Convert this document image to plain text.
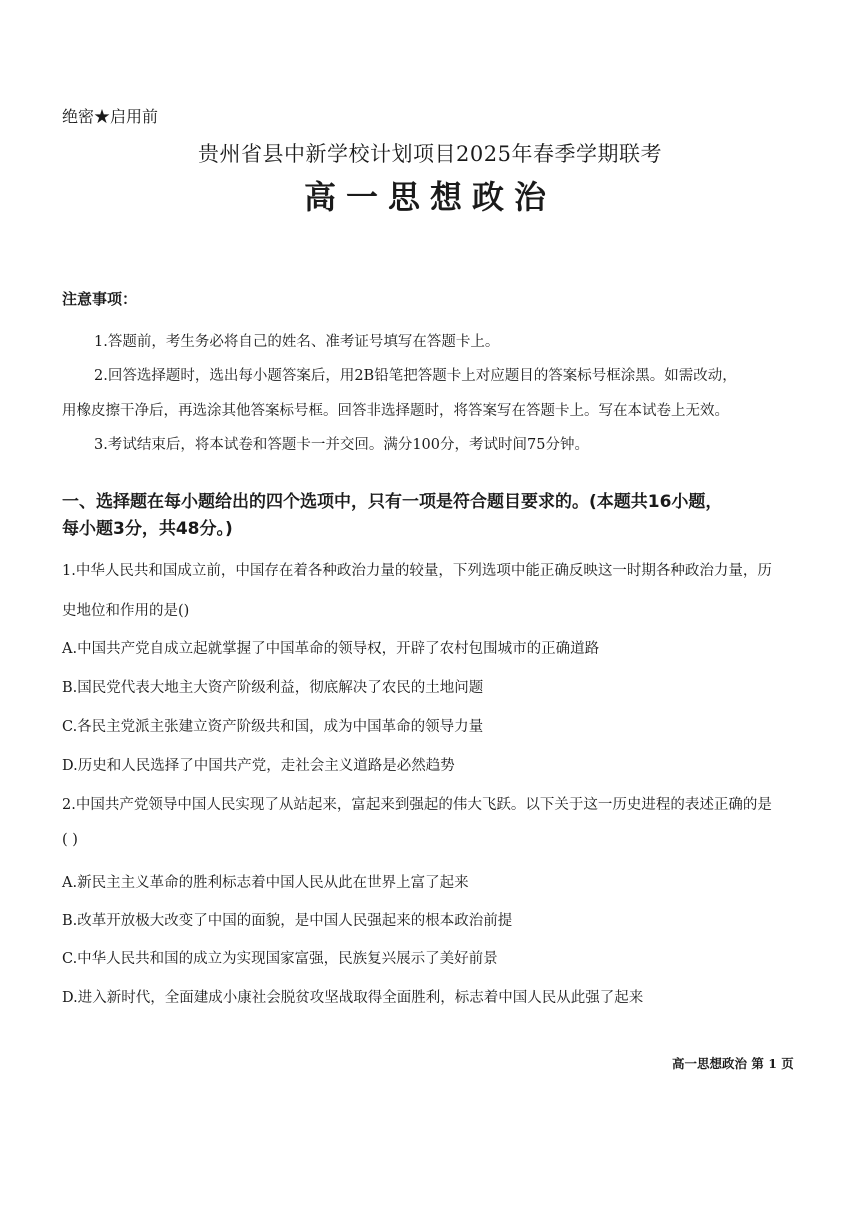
绝密★启用前
贵州省县中新学校计划项目2025年春季学期联考
高一思想政治
注意事项：
1.答题前，考生务必将自己的姓名、准考证号填写在答题卡上。
2.回答选择题时，选出每小题答案后，用2B铅笔把答题卡上对应题目的答案标号框涂黑。如需改动，
用橡皮擦干净后，再选涂其他答案标号框。回答非选择题时，将答案写在答题卡上。写在本试卷上无效。
3.考试结束后，将本试卷和答题卡一并交回。满分100分，考试时间75分钟。
一、选择题在每小题给出的四个选项中，只有一项是符合题目要求的。(本题共16小题，
每小题3分，共48分。)
1.中华人民共和国成立前，中国存在着各种政治力量的较量，下列选项中能正确反映这一时期各种政治力量，历
史地位和作用的是()
A.中国共产党自成立起就掌握了中国革命的领导权，开辟了农村包围城市的正确道路
B.国民党代表大地主大资产阶级利益，彻底解决了农民的土地问题
C.各民主党派主张建立资产阶级共和国，成为中国革命的领导力量
D.历史和人民选择了中国共产党，走社会主义道路是必然趋势
2.中国共产党领导中国人民实现了从站起来，富起来到强起的伟大飞跃。以下关于这一历史进程的表述正确的是
( )
A.新民主主义革命的胜利标志着中国人民从此在世界上富了起来
B.改革开放极大改变了中国的面貌，是中国人民强起来的根本政治前提
C.中华人民共和国的成立为实现国家富强，民族复兴展示了美好前景
D.进入新时代，全面建成小康社会脱贫攻坚战取得全面胜利，标志着中国人民从此强了起来
高一思想政治 第 1 页
